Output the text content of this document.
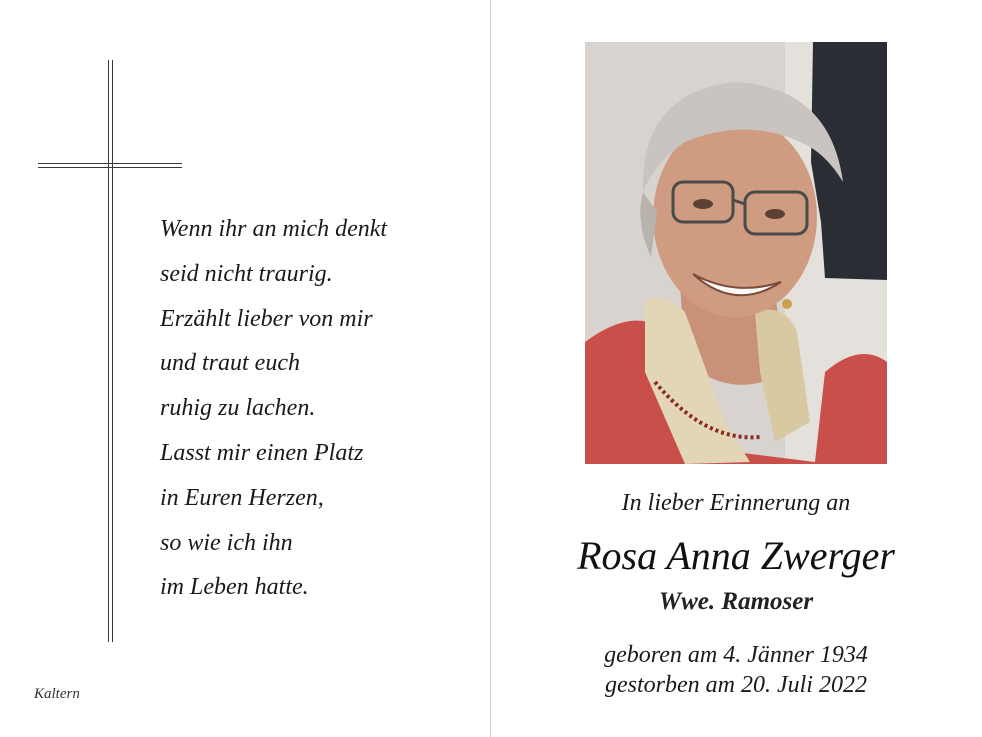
Wenn ihr an mich denkt
seid nicht traurig.
Erzählt lieber von mir
und traut euch
ruhig zu lachen.
Lasst mir einen Platz
in Euren Herzen,
so wie ich ihn
im Leben hatte.
Kaltern
In lieber Erinnerung an
Rosa Anna Zwerger
Wwe. Ramoser
geboren am 4. Jänner 1934
gestorben am 20. Juli 2022
